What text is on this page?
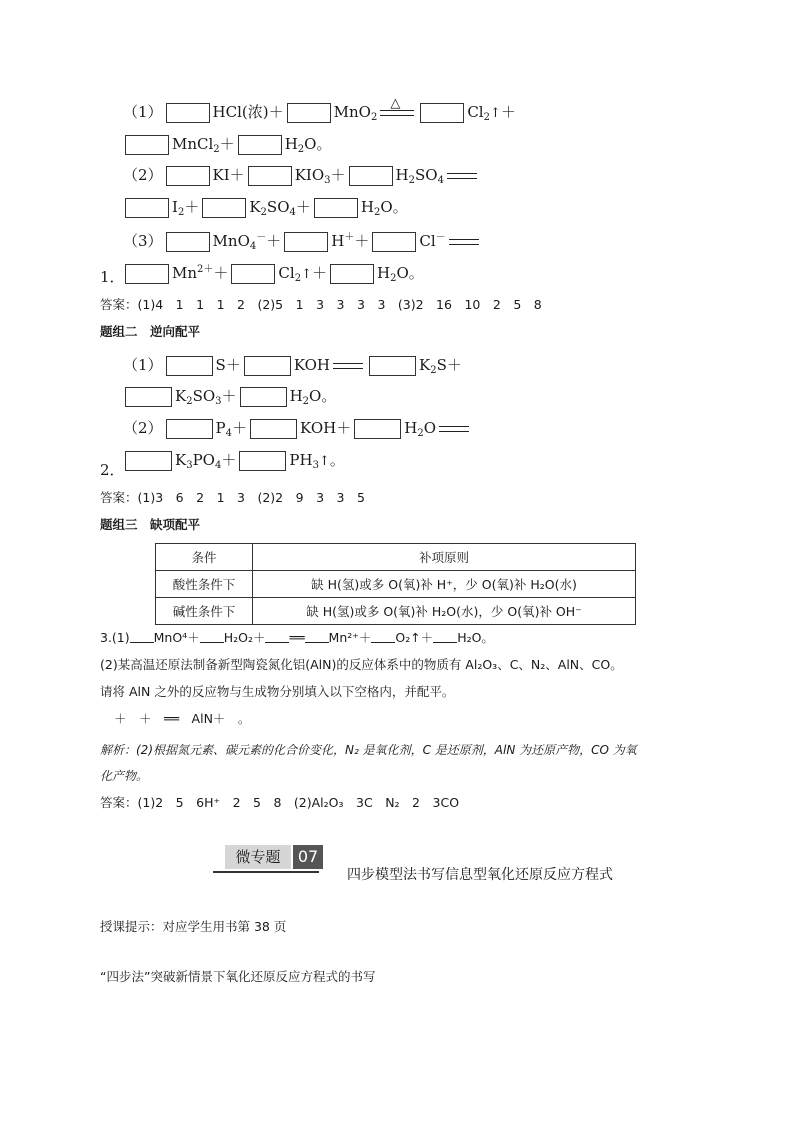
（1）	HCl(浓)＋	MnO$_2$
△	$Cl_2↑+$
MnCl$_2$＋	$H_2O$。
（2）	KI＋	$KIO_3+$	$H_2SO_4$
$I_2+$	$K_2SO_4+$	$H_2O$。
（3）	MnO$_4$－＋	H＋＋	Cl－
1．	$Mn^{2+}+$	$Cl_2↑+$	$H_2O$。
答案：(1)4　1　1　1　2　(2)5　1　3　3　3　3　(3)2　16　10　2　5　8
题组二　逆向配平
（1）	S＋	KOH	$K_2S+$
$K_2SO_3+$	$H_2O$。
（2）	$P_4+$	KOH＋	$H_2O$
2．
$K_3PO_4+$	$PH_3↑$。
答案：(1)3　6　2　1　3　(2)2　9　3　3　5
题组三　缺项配平
条件	补项原则
酸性条件下	缺 H(氢)或多 O(氧)补 H⁺，少 O(氧)补 H₂O(水)
碱性条件下	缺 H(氢)或多 O(氧)补 H₂O(水)，少 O(氧)补 OH⁻
3.(1) MnO⁴＋ H₂O₂＋ ══ Mn²⁺＋ O₂↑＋ H₂O。
(2)某高温还原法制备新型陶瓷氮化铝(AlN)的反应体系中的物质有 Al₂O₃、C、N₂、AlN、CO。
请将 AlN 之外的反应物与生成物分别填入以下空格内，并配平。
＋　＋　══　AlN＋　。
解析：(2)根据氮元素、碳元素的化合价变化，N₂ 是氧化剂，C 是还原剂，AlN 为还原产物，CO 为氧
化产物。
答案：(1)2　5　6H⁺　2　5　8　(2)Al₂O₃　3C　N₂　2　3CO
微专题	07
四步模型法书写信息型氧化还原反应方程式
授课提示：对应学生用书第 38 页
“四步法”突破新情景下氧化还原反应方程式的书写
